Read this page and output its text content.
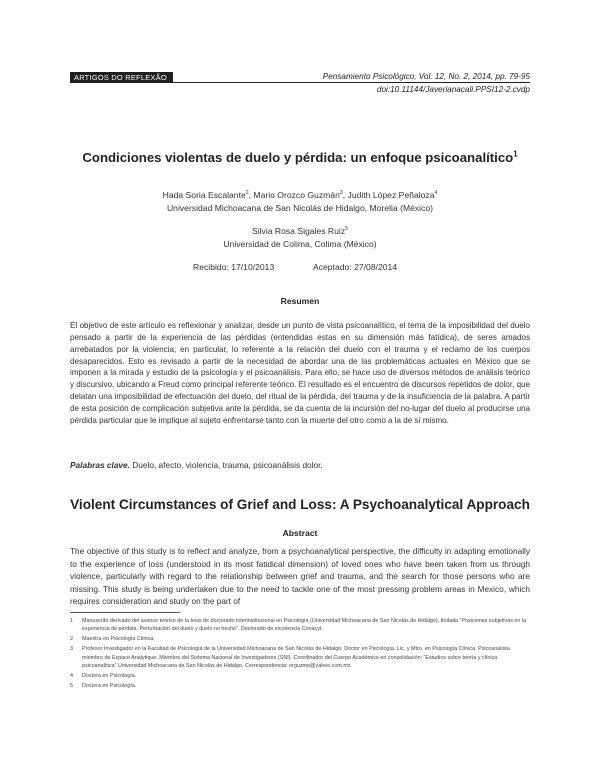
ARTIGOS DO REFLEXÃO	Pensamiento Psicológico, Vol. 12, No. 2, 2014, pp. 79-95
doi:10.11144/Javerianacali.PPSI12-2.cvdp
Condiciones violentas de duelo y pérdida: un enfoque psicoanalítico$^1$
Hada Soria Escalante$^2$, Mario Orozco Guzmán$^3$, Judith López Peñaloza$^4$
Universidad Michoacana de San Nicolás de Hidalgo, Morelia (México)
Silvia Rosa Sigales Ruiz$^5$
Universidad de Colima, Colima (México)
Recibido: 17/10/2013	Aceptado: 27/08/2014
Resumen
El objetivo de este artículo es reflexionar y analizar, desde un punto de vista psicoanalítico, el tema de la imposibilidad del duelo pensado a partir de la experiencia de las pérdidas (entendidas estas en su dimensión más fatídica), de seres amados arrebatados por la violencia; en particular, lo referente a la relación del duelo con el trauma y el reclamo de los cuerpos desaparecidos. Esto es revisado a partir de la necesidad de abordar una de las problemáticas actuales en México que se imponen a la mirada y estudio de la psicología y el psicoanálisis. Para ello, se hace uso de diversos métodos de análisis teórico y discursivo, ubicando a Freud como principal referente teórico. El resultado es el encuentro de discursos repetidos de dolor, que delatan una imposibilidad de efectuación del duelo, del ritual de la pérdida, del trauma y de la insuficiencia de la palabra. A partir de esta posición de complicación subjetiva ante la pérdida, se da cuenta de la incursión del no-lugar del duelo al producirse una pérdida particular que le implique al sujeto enfrentarse tanto con la muerte del otro como a la de sí mismo.
Palabras clave. Duelo, afecto, violencia, trauma, psicoanálisis dolor.
Violent Circumstances of Grief and Loss: A Psychoanalytical Approach
Abstract
The objective of this study is to reflect and analyze, from a psychoanalytical perspective, the difficulty in adapting emotionally to the experience of loss (understood in its most fatidical dimension) of loved ones who have been taken from us through violence, particularly with regard to the relationship between grief and trauma, and the search for those persons who are missing. This study is being undertaken due to the need to tackle one of the most pressing problem areas in Mexico, which requires consideration and study on the part of
1 Manuscrito derivado del avance teórico de la tesis de doctorado interinstitucional en Psicología (Universidad Michoacana de San Nicolás de Hidalgo), titulada “Posiciones subjetivas en la experiencia de pérdida. Perturbación del duelo y duelo no hecho”. Doctorado de excelencia Conacyt.
2 Maestra en Psicología Clínica.
3 Profesor Investigador en la Facultad de Psicología de la Universidad Michoacana de San Nicolás de Hidalgo. Doctor en Psicología. Lic. y Mtro. en Psicología Clínica. Psicoanalista miembro de Espace Analytique. Miembro del Sistema Nacional de Investigadores (SNI). Coordinador del Cuerpo Académico en consolidación: “Estudios sobre teoría y clínica psicoanalítica” Universidad Michoacana de San Nicolás de Hidalgo. Correspondencia: orguzmo@yahoo.com.mx
4 Doctora en Psicología.
5 Doctora en Psicología.
